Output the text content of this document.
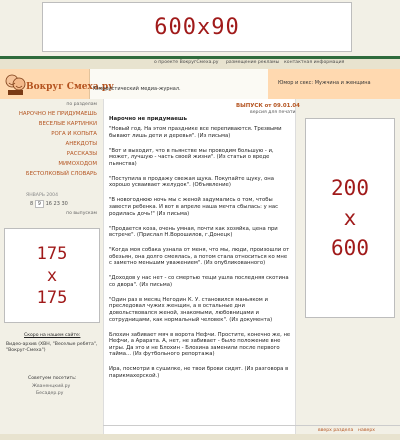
600x90
о проекте ВокругСмеха.ру размещение рекламы контактная информация
Вокруг Смеха.ру
Юмористический медиа-журнал.
Юмор и секс: Мужчина и женщина
по разделам
НАРОЧНО НЕ ПРИДУМАЕШЬ
ВЕСЕЛЫЕ КАРТИНКИ
РОГА И КОПЫТА
АНЕКДОТЫ
РАССКАЗЫ
МИМОХОДОМ
БЕСТОЛКОВЫЙ СЛОВАРЬ
ЯНВАРЬ 2004
8 9 16 23 30
по выпускам
175
x
175
Скоро на нашем сайте:
Видео-архив (ХВН, "Веселые ребята", "Вокруг-Смеха")
Советуем посетить:
Жваненцкий.ру
Бесадер.ру
ВЫПУСК от 09.01.04
версия для печати
Нарочно не придумаешь

"Новый год. На этом празднике все перепиваются. Трезвыми бывают лишь дети и деревья". (Из письма)

"Вот и выходит, что в пьянстве мы проводим большую - и, может, лучшую - часть своей жизни". (Из статьи о вреде пьянства)

"Поступила в продажу свежая щука. Покупайте щуку, она хорошо усваивает желудок". (Объявление)

"В новогоднюю ночь мы с женой задумались о том, чтобы завести ребенка. И вот в апреле наша мечта сбылась: у нас родилась дочь!" (Из письма)

"Продается коза, очень умная, почти как хозяйка, цена при встрече". (Прислал Н.Ворошилов, г.Донецк)

"Когда моя собака узнала от меня, что мы, люди, произошли от обезьян, она долго смеялась, а потом стала относиться ко мне с заметно меньшим уважением". (Из опубликованного)

"Доходов у нас нет - со смертью тещи ушла последняя скотина со двора". (Из письма)

"Один раз в месяц Негодин К. У. становился маньяком и преследовал чужих женщин, а в остальные дни довольствовался женой, знакомыми, любовницами и сотрудницами, как нормальный человек". (Из документа)

Блохин забивает мяч в ворота Нефчи. Простите, конечно же, не Нефчи, а Арарата. А, нет, не забивает - было положение вне игры. Да это и не Блохин - Блохина заменили после первого тайма... (Из футбольного репортажа)

Ира, посмотри в сушилке, не твои брови сидят. (Из разговора в парикмахерской.)

200
x
600
вверх раздела наверх
